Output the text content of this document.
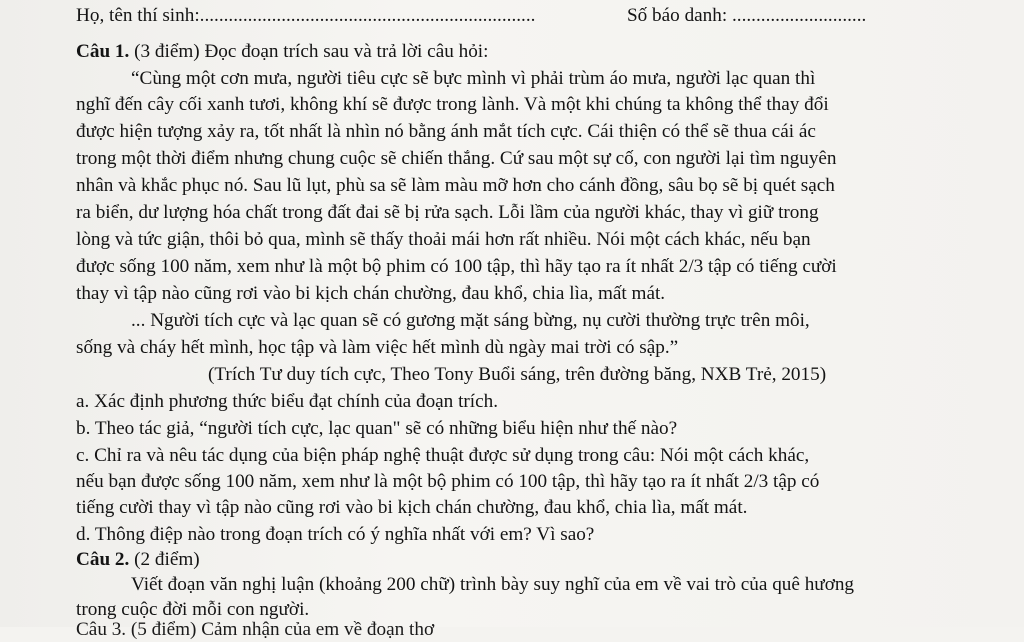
Họ, tên thí sinh:......................................................................	Số báo danh: ............................
Câu 1. (3 điểm) Đọc đoạn trích sau và trả lời câu hỏi:
“Cùng một cơn mưa, người tiêu cực sẽ bực mình vì phải trùm áo mưa, người lạc quan thì
nghĩ đến cây cối xanh tươi, không khí sẽ được trong lành. Và một khi chúng ta không thể thay đổi
được hiện tượng xảy ra, tốt nhất là nhìn nó bằng ánh mắt tích cực. Cái thiện có thể sẽ thua cái ác
trong một thời điểm nhưng chung cuộc sẽ chiến thắng. Cứ sau một sự cố, con người lại tìm nguyên
nhân và khắc phục nó. Sau lũ lụt, phù sa sẽ làm màu mỡ hơn cho cánh đồng, sâu bọ sẽ bị quét sạch
ra biển, dư lượng hóa chất trong đất đai sẽ bị rửa sạch. Lỗi lầm của người khác, thay vì giữ trong
lòng và tức giận, thôi bỏ qua, mình sẽ thấy thoải mái hơn rất nhiều. Nói một cách khác, nếu bạn
được sống 100 năm, xem như là một bộ phim có 100 tập, thì hãy tạo ra ít nhất 2/3 tập có tiếng cười
thay vì tập nào cũng rơi vào bi kịch chán chường, đau khổ, chia lìa, mất mát.
... Người tích cực và lạc quan sẽ có gương mặt sáng bừng, nụ cười thường trực trên môi,
sống và cháy hết mình, học tập và làm việc hết mình dù ngày mai trời có sập.”
(Trích Tư duy tích cực, Theo Tony Buổi sáng, trên đường băng, NXB Trẻ, 2015)
a. Xác định phương thức biểu đạt chính của đoạn trích.
b. Theo tác giả, “người tích cực, lạc quan" sẽ có những biểu hiện như thế nào?
c. Chỉ ra và nêu tác dụng của biện pháp nghệ thuật được sử dụng trong câu: Nói một cách khác,
nếu bạn được sống 100 năm, xem như là một bộ phim có 100 tập, thì hãy tạo ra ít nhất 2/3 tập có
tiếng cười thay vì tập nào cũng rơi vào bi kịch chán chường, đau khổ, chia lìa, mất mát.
d. Thông điệp nào trong đoạn trích có ý nghĩa nhất với em? Vì sao?
Câu 2. (2 điểm)
Viết đoạn văn nghị luận (khoảng 200 chữ) trình bày suy nghĩ của em về vai trò của quê hương
trong cuộc đời mỗi con người.
Câu 3. (5 điểm) Cảm nhận của em về đoạn thơ
